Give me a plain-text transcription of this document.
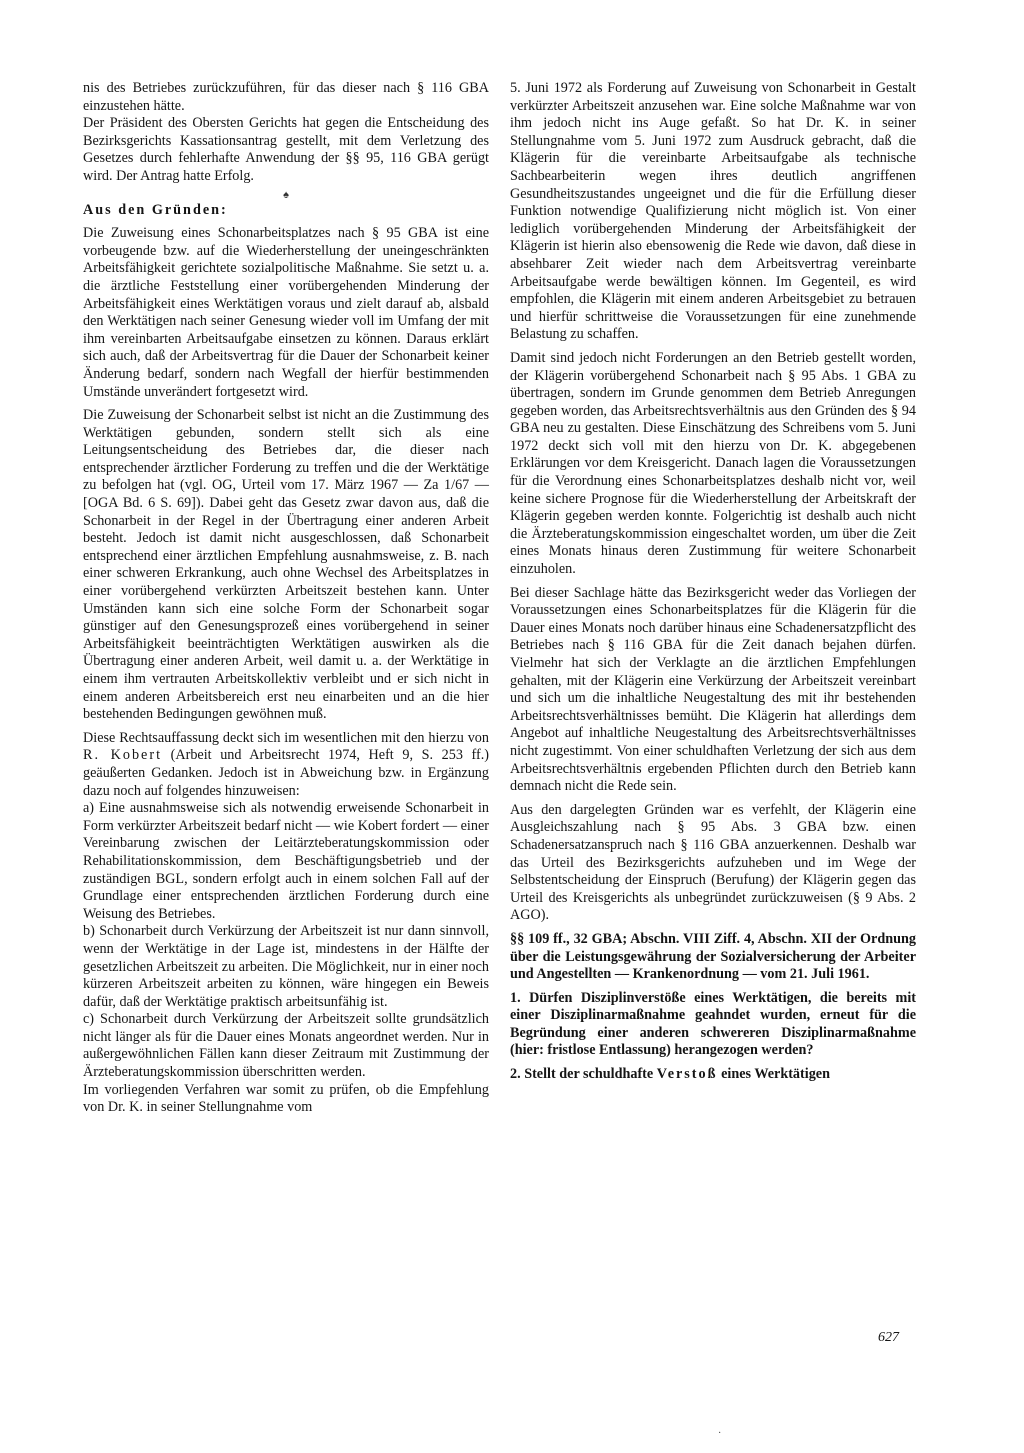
nis des Betriebes zurückzuführen, für das dieser nach § 116 GBA einzustehen hätte.

Der Präsident des Obersten Gerichts hat gegen die Entscheidung des Bezirksgerichts Kassationsantrag gestellt, mit dem Verletzung des Gesetzes durch fehlerhafte Anwendung der §§ 95, 116 GBA gerügt wird. Der Antrag hatte Erfolg.

♠

Aus den Gründen:

Die Zuweisung eines Schonarbeitsplatzes nach § 95 GBA ist eine vorbeugende bzw. auf die Wiederherstellung der uneingeschränkten Arbeitsfähigkeit gerichtete sozialpolitische Maßnahme. Sie setzt u. a. die ärztliche Feststellung einer vorübergehenden Minderung der Arbeitsfähigkeit eines Werktätigen voraus und zielt darauf ab, alsbald den Werktätigen nach seiner Genesung wieder voll im Umfang der mit ihm vereinbarten Arbeitsaufgabe einsetzen zu können. Daraus erklärt sich auch, daß der Arbeitsvertrag für die Dauer der Schonarbeit keiner Änderung bedarf, sondern nach Wegfall der hierfür bestimmenden Umstände unverändert fortgesetzt wird.

Die Zuweisung der Schonarbeit selbst ist nicht an die Zustimmung des Werktätigen gebunden, sondern stellt sich als eine Leitungsentscheidung des Betriebes dar, die dieser nach entsprechender ärztlicher Forderung zu treffen und die der Werktätige zu befolgen hat (vgl. OG, Urteil vom 17. März 1967 — Za 1/67 — [OGA Bd. 6 S. 69]). Dabei geht das Gesetz zwar davon aus, daß die Schonarbeit in der Regel in der Übertragung einer anderen Arbeit besteht. Jedoch ist damit nicht ausgeschlossen, daß Schonarbeit entsprechend einer ärztlichen Empfehlung ausnahmsweise, z. B. nach einer schweren Erkrankung, auch ohne Wechsel des Arbeitsplatzes in einer vorübergehend verkürzten Arbeitszeit bestehen kann. Unter Umständen kann sich eine solche Form der Schonarbeit sogar günstiger auf den Genesungsprozeß eines vorübergehend in seiner Arbeitsfähigkeit beeinträchtigten Werktätigen auswirken als die Übertragung einer anderen Arbeit, weil damit u. a. der Werktätige in einem ihm vertrauten Arbeitskollektiv verbleibt und er sich nicht in einem anderen Arbeitsbereich erst neu einarbeiten und an die hier bestehenden Bedingungen gewöhnen muß.

Diese Rechtsauffassung deckt sich im wesentlichen mit den hierzu von R. Kobert (Arbeit und Arbeitsrecht 1974, Heft 9, S. 253 ff.) geäußerten Gedanken. Jedoch ist in Abweichung bzw. in Ergänzung dazu noch auf folgendes hinzuweisen:

a) Eine ausnahmsweise sich als notwendig erweisende Schonarbeit in Form verkürzter Arbeitszeit bedarf nicht — wie Kobert fordert — einer Vereinbarung zwischen der Leitärzteberatungskommission oder Rehabilitationskommission, dem Beschäftigungsbetrieb und der zuständigen BGL, sondern erfolgt auch in einem solchen Fall auf der Grundlage einer entsprechenden ärztlichen Forderung durch eine Weisung des Betriebes.

b) Schonarbeit durch Verkürzung der Arbeitszeit ist nur dann sinnvoll, wenn der Werktätige in der Lage ist, mindestens in der Hälfte der gesetzlichen Arbeitszeit zu arbeiten. Die Möglichkeit, nur in einer noch kürzeren Arbeitszeit arbeiten zu können, wäre hingegen ein Beweis dafür, daß der Werktätige praktisch arbeitsunfähig ist.

c) Schonarbeit durch Verkürzung der Arbeitszeit sollte grundsätzlich nicht länger als für die Dauer eines Monats angeordnet werden. Nur in außergewöhnlichen Fällen kann dieser Zeitraum mit Zustimmung der Ärzteberatungskommission überschritten werden.

Im vorliegenden Verfahren war somit zu prüfen, ob die Empfehlung von Dr. K. in seiner Stellungnahme vom

5. Juni 1972 als Forderung auf Zuweisung von Schonarbeit in Gestalt verkürzter Arbeitszeit anzusehen war. Eine solche Maßnahme war von ihm jedoch nicht ins Auge gefaßt. So hat Dr. K. in seiner Stellungnahme vom 5. Juni 1972 zum Ausdruck gebracht, daß die Klägerin für die vereinbarte Arbeitsaufgabe als technische Sachbearbeiterin wegen ihres deutlich angriffenen Gesundheitszustandes ungeeignet und die für die Erfüllung dieser Funktion notwendige Qualifizierung nicht möglich ist. Von einer lediglich vorübergehenden Minderung der Arbeitsfähigkeit der Klägerin ist hierin also ebensowenig die Rede wie davon, daß diese in absehbarer Zeit wieder nach dem Arbeitsvertrag vereinbarte Arbeitsaufgabe werde bewältigen können. Im Gegenteil, es wird empfohlen, die Klägerin mit einem anderen Arbeitsgebiet zu betrauen und hierfür schrittweise die Voraussetzungen für eine zunehmende Belastung zu schaffen.

Damit sind jedoch nicht Forderungen an den Betrieb gestellt worden, der Klägerin vorübergehend Schonarbeit nach § 95 Abs. 1 GBA zu übertragen, sondern im Grunde genommen dem Betrieb Anregungen gegeben worden, das Arbeitsrechtsverhältnis aus den Gründen des § 94 GBA neu zu gestalten. Diese Einschätzung des Schreibens vom 5. Juni 1972 deckt sich voll mit den hierzu von Dr. K. abgegebenen Erklärungen vor dem Kreisgericht. Danach lagen die Voraussetzungen für die Verordnung eines Schonarbeitsplatzes deshalb nicht vor, weil keine sichere Prognose für die Wiederherstellung der Arbeitskraft der Klägerin gegeben werden konnte. Folgerichtig ist deshalb auch nicht die Ärzteberatungskommission eingeschaltet worden, um über die Zeit eines Monats hinaus deren Zustimmung für weitere Schonarbeit einzuholen.

Bei dieser Sachlage hätte das Bezirksgericht weder das Vorliegen der Voraussetzungen eines Schonarbeitsplatzes für die Klägerin für die Dauer eines Monats noch darüber hinaus eine Schadenersatzpflicht des Betriebes nach § 116 GBA für die Zeit danach bejahen dürfen. Vielmehr hat sich der Verklagte an die ärztlichen Empfehlungen gehalten, mit der Klägerin eine Verkürzung der Arbeitszeit vereinbart und sich um die inhaltliche Neugestaltung des mit ihr bestehenden Arbeitsrechtsverhältnisses bemüht. Die Klägerin hat allerdings dem Angebot auf inhaltliche Neugestaltung des Arbeitsrechtsverhältnisses nicht zugestimmt. Von einer schuldhaften Verletzung der sich aus dem Arbeitsrechtsverhältnis ergebenden Pflichten durch den Betrieb kann demnach nicht die Rede sein.

Aus den dargelegten Gründen war es verfehlt, der Klägerin eine Ausgleichszahlung nach § 95 Abs. 3 GBA bzw. einen Schadenersatzanspruch nach § 116 GBA anzuerkennen. Deshalb war das Urteil des Bezirksgerichts aufzuheben und im Wege der Selbstentscheidung der Einspruch (Berufung) der Klägerin gegen das Urteil des Kreisgerichts als unbegründet zurückzuweisen (§ 9 Abs. 2 AGO).

§§ 109 ff., 32 GBA; Abschn. VIII Ziff. 4, Abschn. XII der Ordnung über die Leistungsgewährung der Sozialversicherung der Arbeiter und Angestellten — Krankenordnung — vom 21. Juli 1961.

1. Dürfen Disziplinverstöße eines Werktätigen, die bereits mit einer Disziplinarmaßnahme geahndet wurden, erneut für die Begründung einer anderen schwereren Disziplinarmaßnahme (hier: fristlose Entlassung) herangezogen werden?

2. Stellt der schuldhafte Verstoß eines Werktätigen

627
·
